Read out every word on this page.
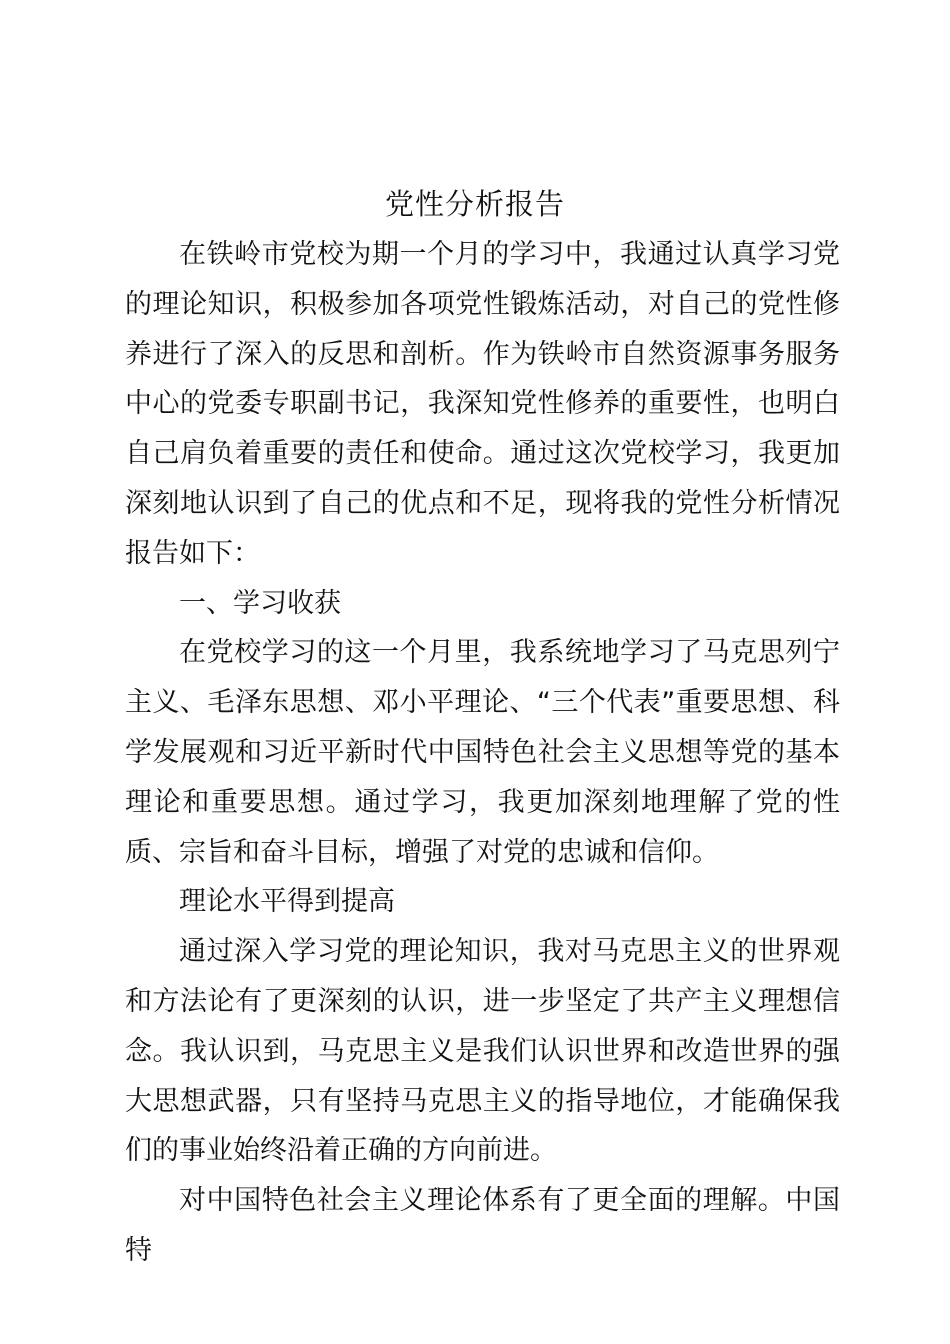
党性分析报告

在铁岭市党校为期一个月的学习中，我通过认真学习党的理论知识，积极参加各项党性锻炼活动，对自己的党性修养进行了深入的反思和剖析。作为铁岭市自然资源事务服务中心的党委专职副书记，我深知党性修养的重要性，也明白自己肩负着重要的责任和使命。通过这次党校学习，我更加深刻地认识到了自己的优点和不足，现将我的党性分析情况报告如下：

一、学习收获

在党校学习的这一个月里，我系统地学习了马克思列宁主义、毛泽东思想、邓小平理论、“三个代表”重要思想、科学发展观和习近平新时代中国特色社会主义思想等党的基本理论和重要思想。通过学习，我更加深刻地理解了党的性质、宗旨和奋斗目标，增强了对党的忠诚和信仰。

理论水平得到提高

通过深入学习党的理论知识，我对马克思主义的世界观和方法论有了更深刻的认识，进一步坚定了共产主义理想信念。我认识到，马克思主义是我们认识世界和改造世界的强大思想武器，只有坚持马克思主义的指导地位，才能确保我们的事业始终沿着正确的方向前进。

对中国特色社会主义理论体系有了更全面的理解。中国特
